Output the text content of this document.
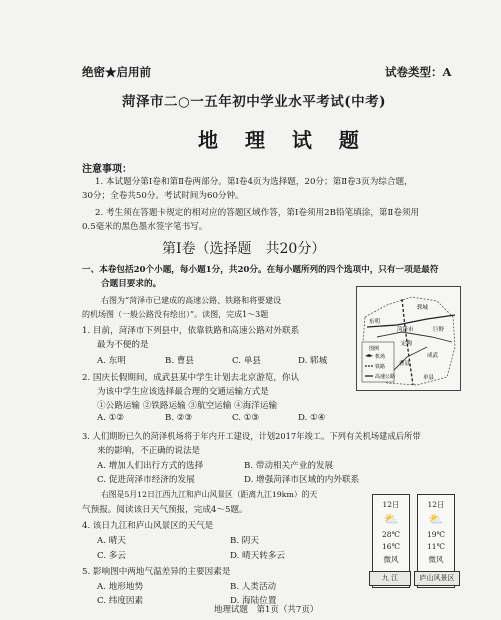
绝密★启用前	试卷类型：A
菏泽市二○一五年初中学业水平考试(中考)
地 理 试 题
注意事项：
1. 本试题分第Ⅰ卷和第Ⅱ卷两部分。第Ⅰ卷4页为选择题，20分；第Ⅱ卷3页为综合题，
30分；全卷共50分。考试时间为60分钟。
2. 考生须在答题卡规定的相对应的答题区域作答，第Ⅰ卷须用2B铅笔填涂，第Ⅱ卷须用
0.5毫米的黑色墨水签字笔书写。
第Ⅰ卷（选择题　共20分）
一、本卷包括20个小题，每小题1分，共20分。在每小题所列的四个选项中，只有一项是最符
合题目要求的。
右图为“菏泽市已建成的高速公路、铁路和将要建设
的机场图（一般公路没有绘出）”。读图，完成1～3题
1. 目前，菏泽市下列县中，依靠铁路和高速公路对外联系
最为不便的是
A. 东明	B. 曹县	C. 单县	D. 郓城
2. 国庆长假期间，成武县某中学生计划去北京游览，你认
为该中学生应该选择最合理的交通运输方式是
①公路运输 ②铁路运输 ③航空运输 ④海洋运输
A. ①②	B. ②③	C. ①③	D. ①④
3. 人们期盼已久的菏泽机场将于年内开工建设，计划2017年竣工。下列有关机场建成后所带
来的影响，不正确的说法是
A. 增加人们出行方式的选择	B. 带动相关产业的发展
C. 促进菏泽市经济的发展	D. 增强菏泽市区域的内外联系
右图是5月12日江西九江和庐山风景区（距离九江19km）的天
气预报。阅读该日天气预报，完成4～5题。
4. 该日九江和庐山风景区的天气是
A. 晴天	B. 阴天
C. 多云	D. 晴天转多云
5. 影响图中两地气温差异的主要因素是
A. 地形地势	B. 人类活动
C. 纬度因素	D. 海陆位置
郓城
菏泽市
东明
定陶
巨野
曹县
成武
单县
图例
机场
铁路
高速公路
12日
⛅
28℃
16℃
微风
12日
⛅
19℃
11℃
微风
九 江	庐山风景区
地理试题　第1页（共7页）
